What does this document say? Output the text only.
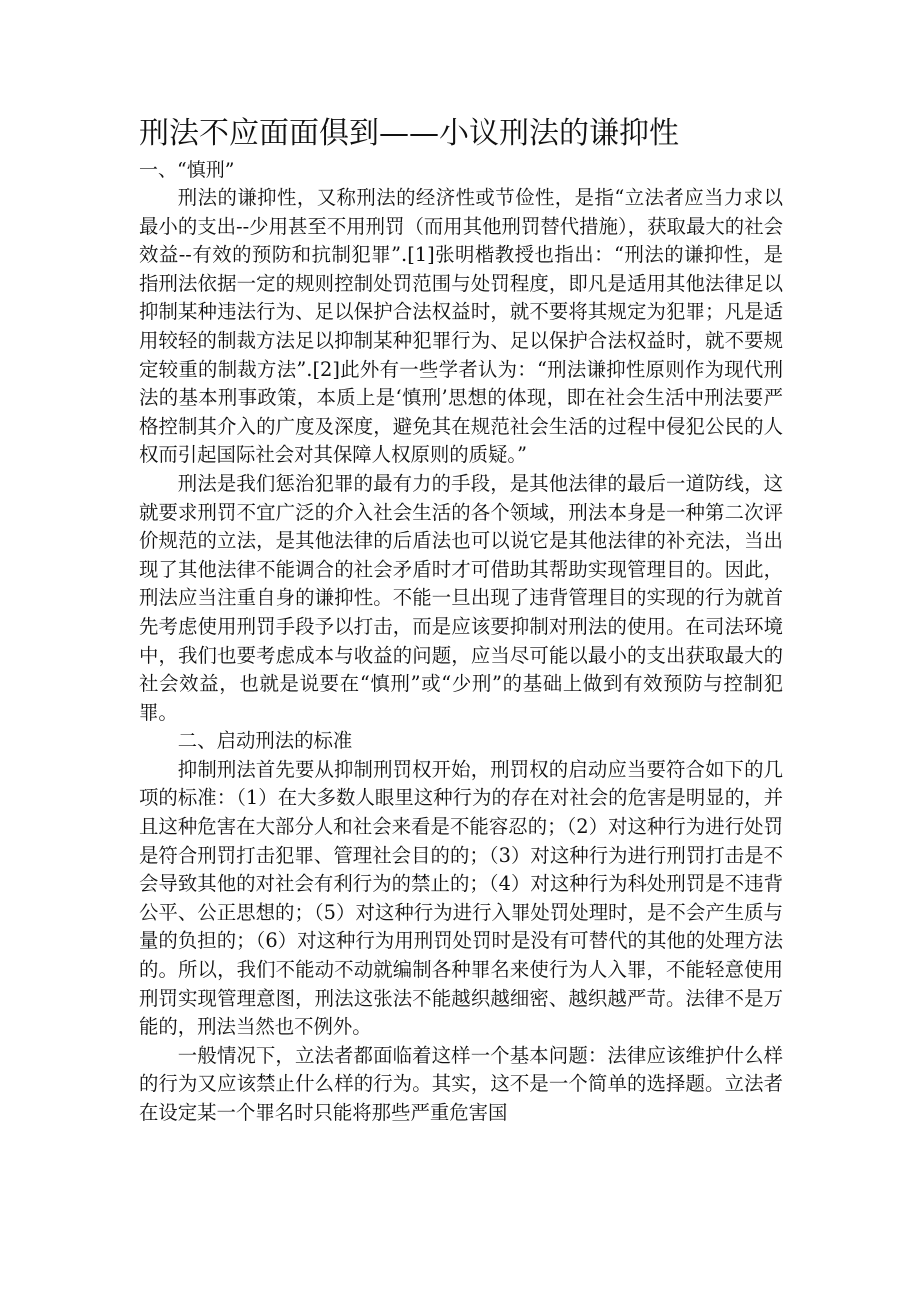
刑法不应面面俱到——小议刑法的谦抑性

一、“慎刑”

刑法的谦抑性，又称刑法的经济性或节俭性，是指“立法者应当力求以最小的支出--少用甚至不用刑罚（而用其他刑罚替代措施），获取最大的社会效益--有效的预防和抗制犯罪”.[1]张明楷教授也指出：“刑法的谦抑性，是指刑法依据一定的规则控制处罚范围与处罚程度，即凡是适用其他法律足以抑制某种违法行为、足以保护合法权益时，就不要将其规定为犯罪；凡是适用较轻的制裁方法足以抑制某种犯罪行为、足以保护合法权益时，就不要规定较重的制裁方法”.[2]此外有一些学者认为：“刑法谦抑性原则作为现代刑法的基本刑事政策，本质上是‘慎刑’思想的体现，即在社会生活中刑法要严格控制其介入的广度及深度，避免其在规范社会生活的过程中侵犯公民的人权而引起国际社会对其保障人权原则的质疑。”

刑法是我们惩治犯罪的最有力的手段，是其他法律的最后一道防线，这就要求刑罚不宜广泛的介入社会生活的各个领域，刑法本身是一种第二次评价规范的立法，是其他法律的后盾法也可以说它是其他法律的补充法，当出现了其他法律不能调合的社会矛盾时才可借助其帮助实现管理目的。因此，刑法应当注重自身的谦抑性。不能一旦出现了违背管理目的实现的行为就首先考虑使用刑罚手段予以打击，而是应该要抑制对刑法的使用。在司法环境中，我们也要考虑成本与收益的问题，应当尽可能以最小的支出获取最大的社会效益，也就是说要在“慎刑”或“少刑”的基础上做到有效预防与控制犯罪。

二、启动刑法的标准

抑制刑法首先要从抑制刑罚权开始，刑罚权的启动应当要符合如下的几项的标准：（1）在大多数人眼里这种行为的存在对社会的危害是明显的，并且这种危害在大部分人和社会来看是不能容忍的；（2）对这种行为进行处罚是符合刑罚打击犯罪、管理社会目的的；（3）对这种行为进行刑罚打击是不会导致其他的对社会有利行为的禁止的；（4）对这种行为科处刑罚是不违背公平、公正思想的；（5）对这种行为进行入罪处罚处理时，是不会产生质与量的负担的；（6）对这种行为用刑罚处罚时是没有可替代的其他的处理方法的。所以，我们不能动不动就编制各种罪名来使行为人入罪，不能轻意使用刑罚实现管理意图，刑法这张法不能越织越细密、越织越严苛。法律不是万能的，刑法当然也不例外。

一般情况下，立法者都面临着这样一个基本问题：法律应该维护什么样的行为又应该禁止什么样的行为。其实，这不是一个简单的选择题。立法者在设定某一个罪名时只能将那些严重危害国
